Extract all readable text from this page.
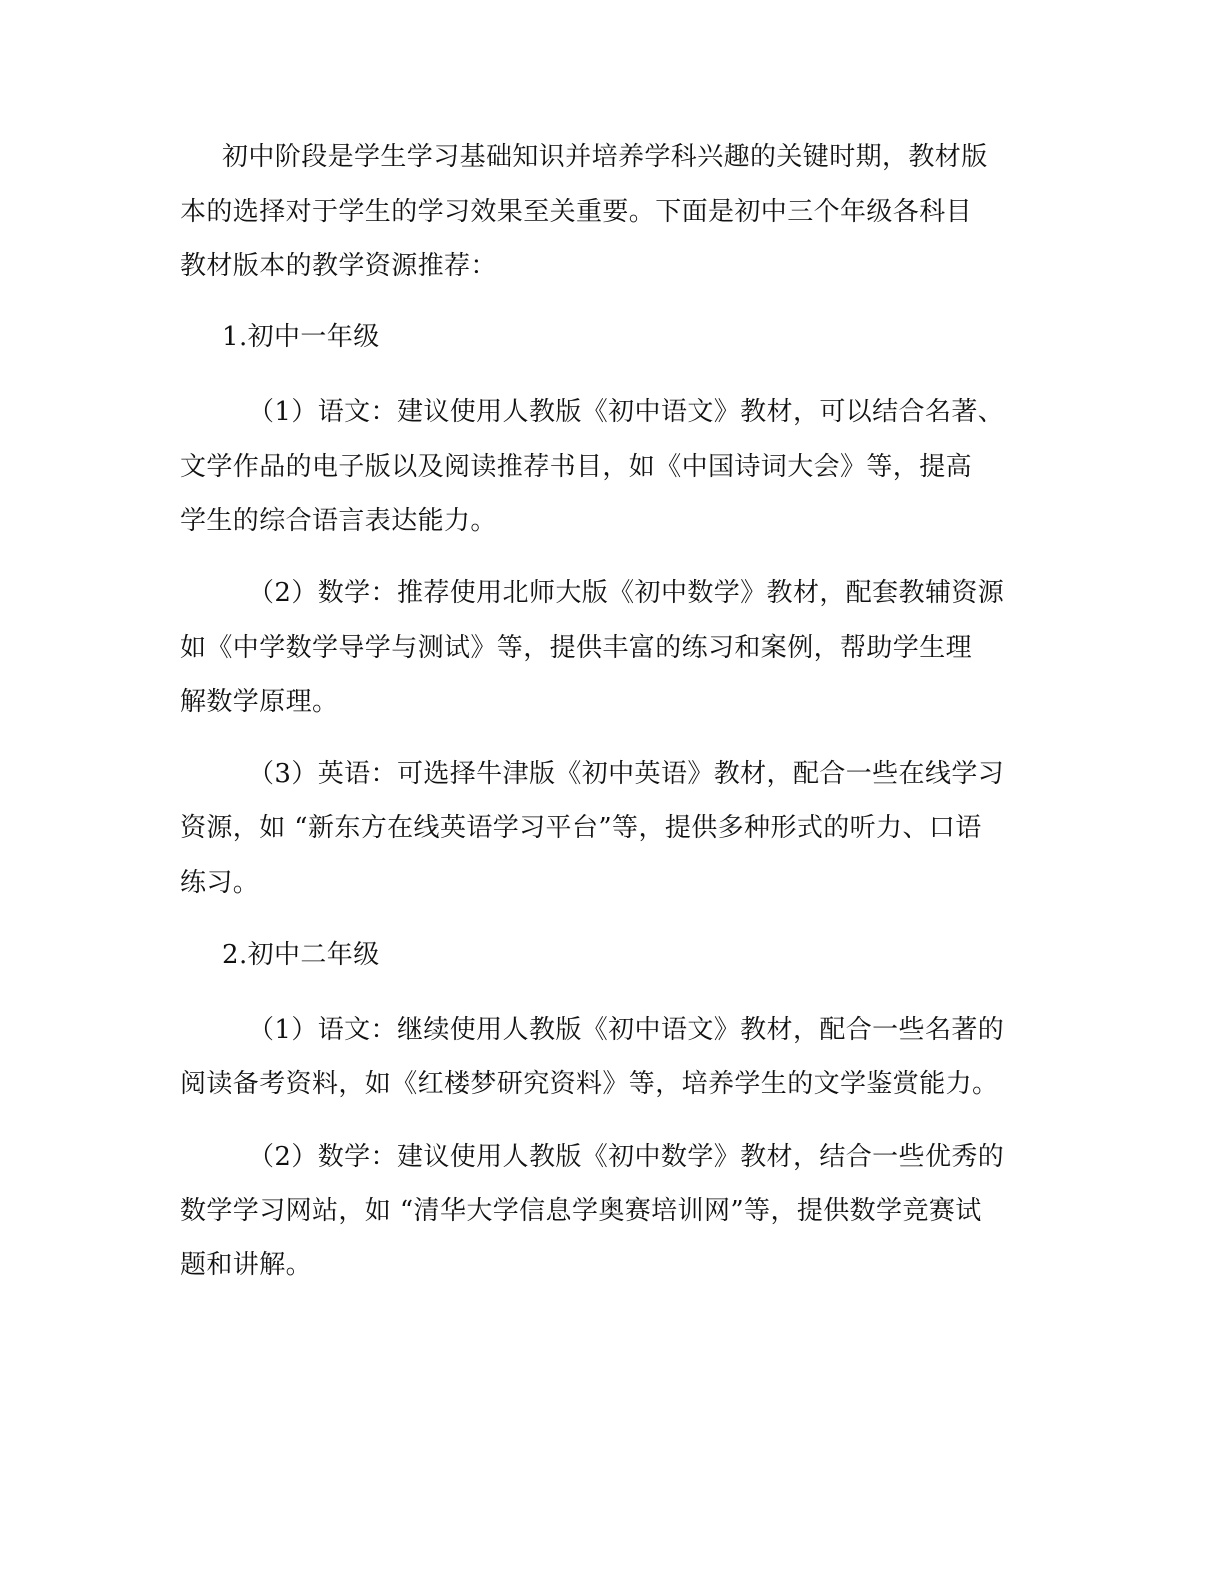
初中阶段是学生学习基础知识并培养学科兴趣的关键时期，教材版
本的选择对于学生的学习效果至关重要。下面是初中三个年级各科目
教材版本的教学资源推荐：
1.初中一年级
（1）语文：建议使用人教版《初中语文》教材，可以结合名著、
文学作品的电子版以及阅读推荐书目，如《中国诗词大会》等，提高
学生的综合语言表达能力。
（2）数学：推荐使用北师大版《初中数学》教材，配套教辅资源
如《中学数学导学与测试》等，提供丰富的练习和案例，帮助学生理
解数学原理。
（3）英语：可选择牛津版《初中英语》教材，配合一些在线学习
资源，如 “新东方在线英语学习平台”等，提供多种形式的听力、口语
练习。
2.初中二年级
（1）语文：继续使用人教版《初中语文》教材，配合一些名著的
阅读备考资料，如《红楼梦研究资料》等，培养学生的文学鉴赏能力。
（2）数学：建议使用人教版《初中数学》教材，结合一些优秀的
数学学习网站，如 “清华大学信息学奥赛培训网”等，提供数学竞赛试
题和讲解。
